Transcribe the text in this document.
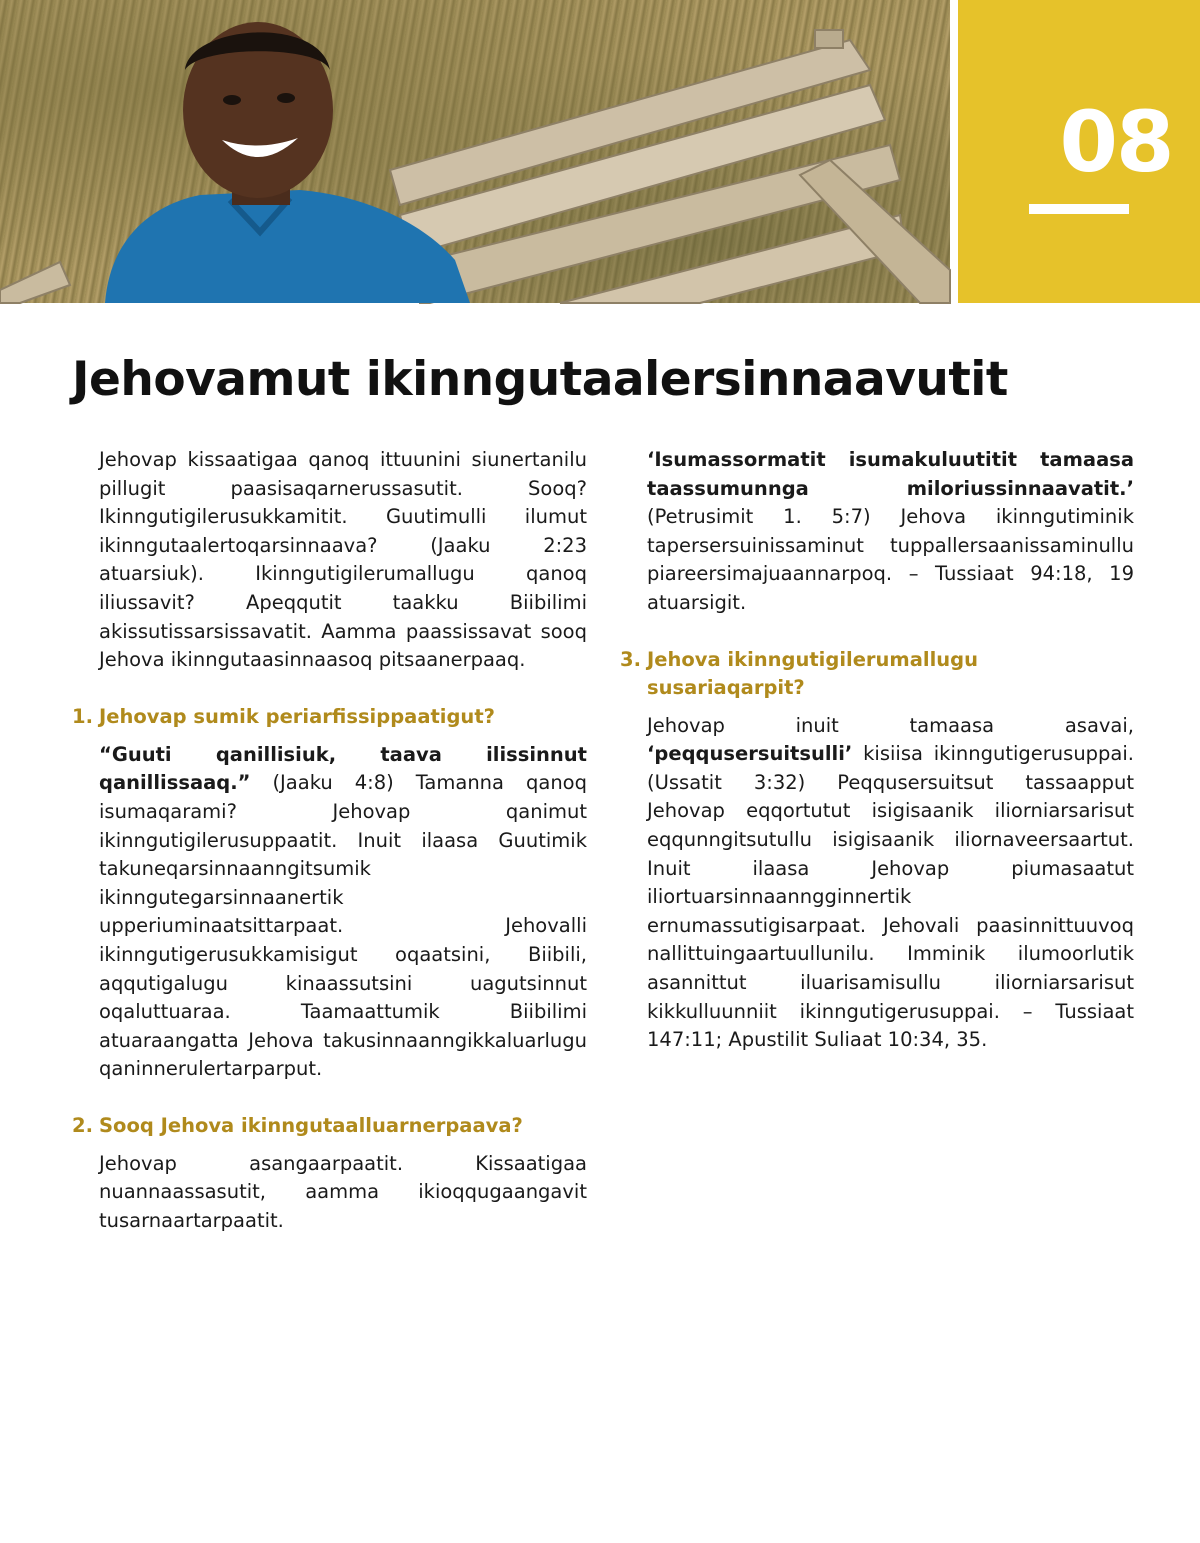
08
Jehovamut ikinngutaalersinnaavutit

Jehovap kissaatigaa qanoq ittuunini siunertanilu pillugit paasisaqarnerussasutit. Sooq? Ikinngutigilerusukkamitit. Guutimulli ilumut ikinngutaalertoqarsinnaava? (Jaaku 2:23 atuarsiuk). Ikinngutigilerumallugu qanoq iliussavit? Apeqqutit taakku Biibilimi akissutissarsissavatit. Aamma paassissavat sooq Jehova ikinngutaasinnaasoq pitsaanerpaaq.

1. Jehovap sumik periarfissippaatigut?

“Guuti qanillisiuk, taava ilissinnut qanillissaaq.” (Jaaku 4:8) Tamanna qanoq isumaqarami? Jehovap qanimut ikinngutigilerusuppaatit. Inuit ilaasa Guutimik takuneqarsinnaanngitsumik ikinngutegarsinnaanertik upperiuminaatsittarpaat. Jehovalli ikinngutigerusukkamisigut oqaatsini, Biibili, aqqutigalugu kinaassutsini uagutsinnut oqaluttuaraa. Taamaattumik Biibilimi atuaraangatta Jehova takusinnaanngikkaluarlugu qaninnerulertarparput.

2. Sooq Jehova ikinngutaalluarnerpaava?

Jehovap asangaarpaatit. Kissaatigaa nuannaassasutit, aamma ikioqqugaangavit tusarnaartarpaatit.

‘Isumassormatit isumakuluutitit tamaasa taassumunnga miloriussinnaavatit.’ (Petrusimit 1. 5:7) Jehova ikinngutiminik tapersersuinissaminut tuppallersaanissaminullu piareersimajuaannarpoq. – Tussiaat 94:18, 19 atuarsigit.

3. Jehova ikinngutigilerumallugu susariaqarpit?

Jehovap inuit tamaasa asavai, ‘peqqusersuitsulli’ kisiisa ikinngutigerusuppai. (Ussatit 3:32) Peqqusersuitsut tassaapput Jehovap eqqortutut isigisaanik iliorniarsarisut eqqunngitsutullu isigisaanik iliornaveersaartut. Inuit ilaasa Jehovap piumasaatut iliortuarsinnaanngginnertik ernumassutigisarpaat. Jehovali paasinnittuuvoq nallittuingaartuullunilu. Imminik ilumoorlutik asannittut iluarisamisullu iliorniarsarisut kikkulluunniit ikinngutigerusuppai. – Tussiaat 147:11; Apustilit Suliaat 10:34, 35.
